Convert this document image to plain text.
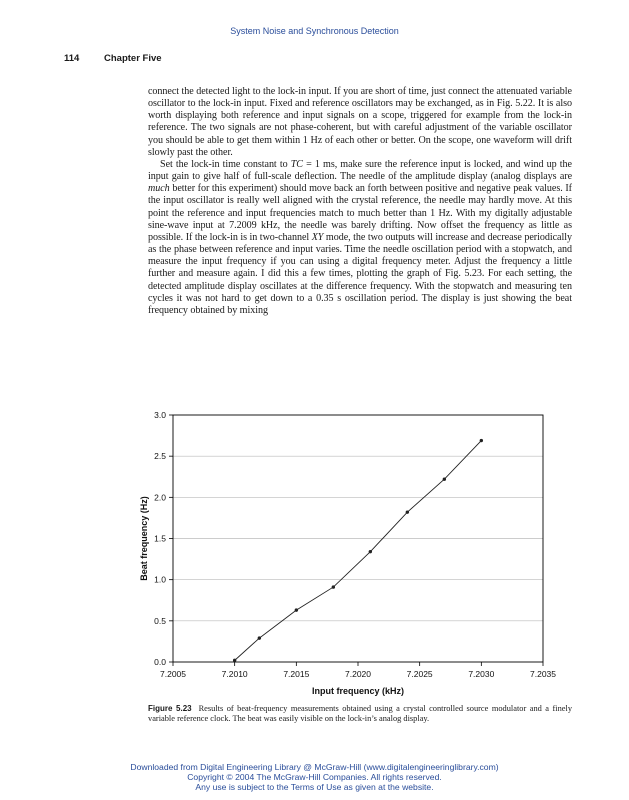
System Noise and Synchronous Detection
114	Chapter Five

connect the detected light to the lock-in input. If you are short of time, just connect the attenuated variable oscillator to the lock-in input. Fixed and reference oscillators may be exchanged, as in Fig. 5.22. It is also worth displaying both reference and input signals on a scope, triggered for example from the lock-in reference. The two signals are not phase-coherent, but with careful adjustment of the variable oscillator you should be able to get them within 1 Hz of each other or better. On the scope, one waveform will drift slowly past the other.

Set the lock-in time constant to TC = 1 ms, make sure the reference input is locked, and wind up the input gain to give half of full-scale deflection. The needle of the amplitude display (analog displays are much better for this experiment) should move back an forth between positive and negative peak values. If the input oscillator is really well aligned with the crystal reference, the needle may hardly move. At this point the reference and input frequencies match to much better than 1 Hz. With my digitally adjustable sine-wave input at 7.2009 kHz, the needle was barely drifting. Now offset the frequency as little as possible. If the lock-in is in two-channel XY mode, the two outputs will increase and decrease periodically as the phase between reference and input varies. Time the needle oscillation period with a stopwatch, and measure the input frequency if you can using a digital frequency meter. Adjust the frequency a little further and measure again. I did this a few times, plotting the graph of Fig. 5.23. For each setting, the detected amplitude display oscillates at the difference frequency. With the stopwatch and measuring ten cycles it was not hard to get down to a 0.35 s oscillation period. The display is just showing the beat frequency obtained by mixing

0.0
0.5
1.0
1.5
2.0
2.5
3.0
7.2005	7.2010	7.2015	7.2020	7.2025	7.2030	7.2035
Input frequency (kHz)
Beat frequency (Hz)
Figure 5.23 Results of beat-frequency measurements obtained using a crystal controlled source modulator and a finely variable reference clock. The beat was easily visible on the lock-in’s analog display.
Downloaded from Digital Engineering Library @ McGraw-Hill (www.digitalengineeringlibrary.com)
Copyright © 2004 The McGraw-Hill Companies. All rights reserved.
Any use is subject to the Terms of Use as given at the website.
